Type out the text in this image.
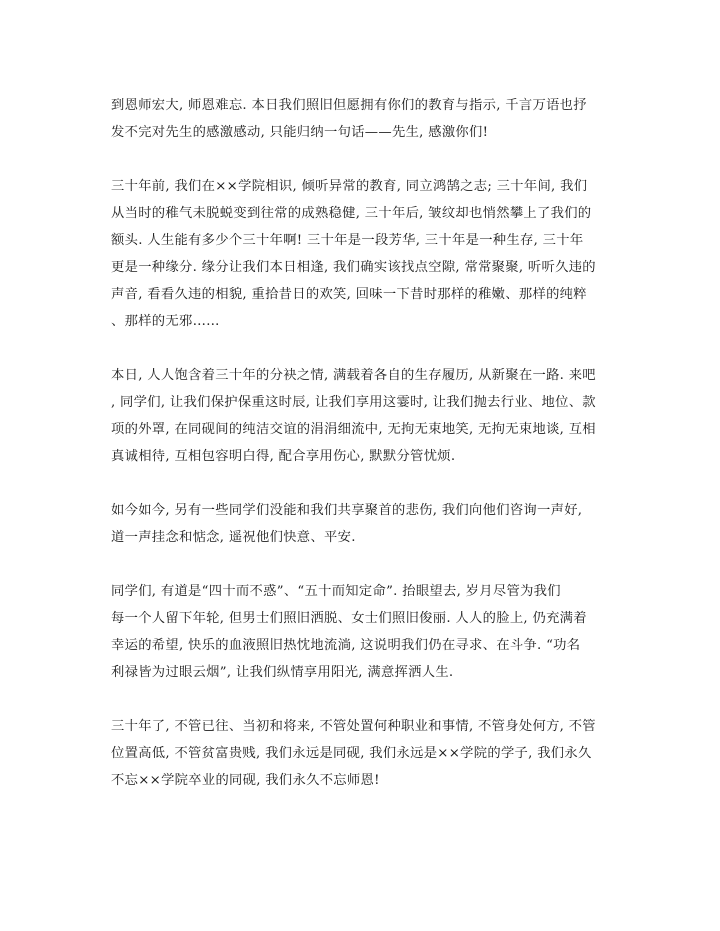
到恩师宏大, 师恩难忘. 本日我们照旧但愿拥有你们的教育与指示, 千言万语也抒
发不完对先生的感激感动, 只能归纳一句话——先生, 感激你们!

三十年前, 我们在××学院相识, 倾听异常的教育, 同立鸿鹄之志; 三十年间, 我们
从当时的稚气未脱蜕变到往常的成熟稳健, 三十年后, 皱纹却也悄然攀上了我们的
额头. 人生能有多少个三十年啊! 三十年是一段芳华, 三十年是一种生存, 三十年
更是一种缘分. 缘分让我们本日相逢, 我们确实该找点空隙, 常常聚聚, 听听久违的
声音, 看看久违的相貌, 重拾昔日的欢笑, 回味一下昔时那样的稚嫩、那样的纯粹
、那样的无邪……

本日, 人人饱含着三十年的分袂之情, 满载着各自的生存履历, 从新聚在一路. 来吧
, 同学们, 让我们保护保重这时辰, 让我们享用这霎时, 让我们抛去行业、地位、款
项的外罩, 在同砚间的纯洁交谊的涓涓细流中, 无拘无束地笑, 无拘无束地谈, 互相
真诚相待, 互相包容明白得, 配合享用伤心, 默默分管忧烦.

如今如今, 另有一些同学们没能和我们共享聚首的悲伤, 我们向他们咨询一声好,
道一声挂念和惦念, 遥祝他们快意、平安.

同学们, 有道是“四十而不惑”、“五十而知定命”. 抬眼望去, 岁月尽管为我们
每一个人留下年轮, 但男士们照旧洒脱、女士们照旧俊丽. 人人的脸上, 仍充满着
幸运的希望, 快乐的血液照旧热忱地流淌, 这说明我们仍在寻求、在斗争. “功名
利禄皆为过眼云烟”, 让我们纵情享用阳光, 满意挥洒人生.

三十年了, 不管已往、当初和将来, 不管处置何种职业和事情, 不管身处何方, 不管
位置高低, 不管贫富贵贱, 我们永远是同砚, 我们永远是××学院的学子, 我们永久
不忘××学院卒业的同砚, 我们永久不忘师恩!
